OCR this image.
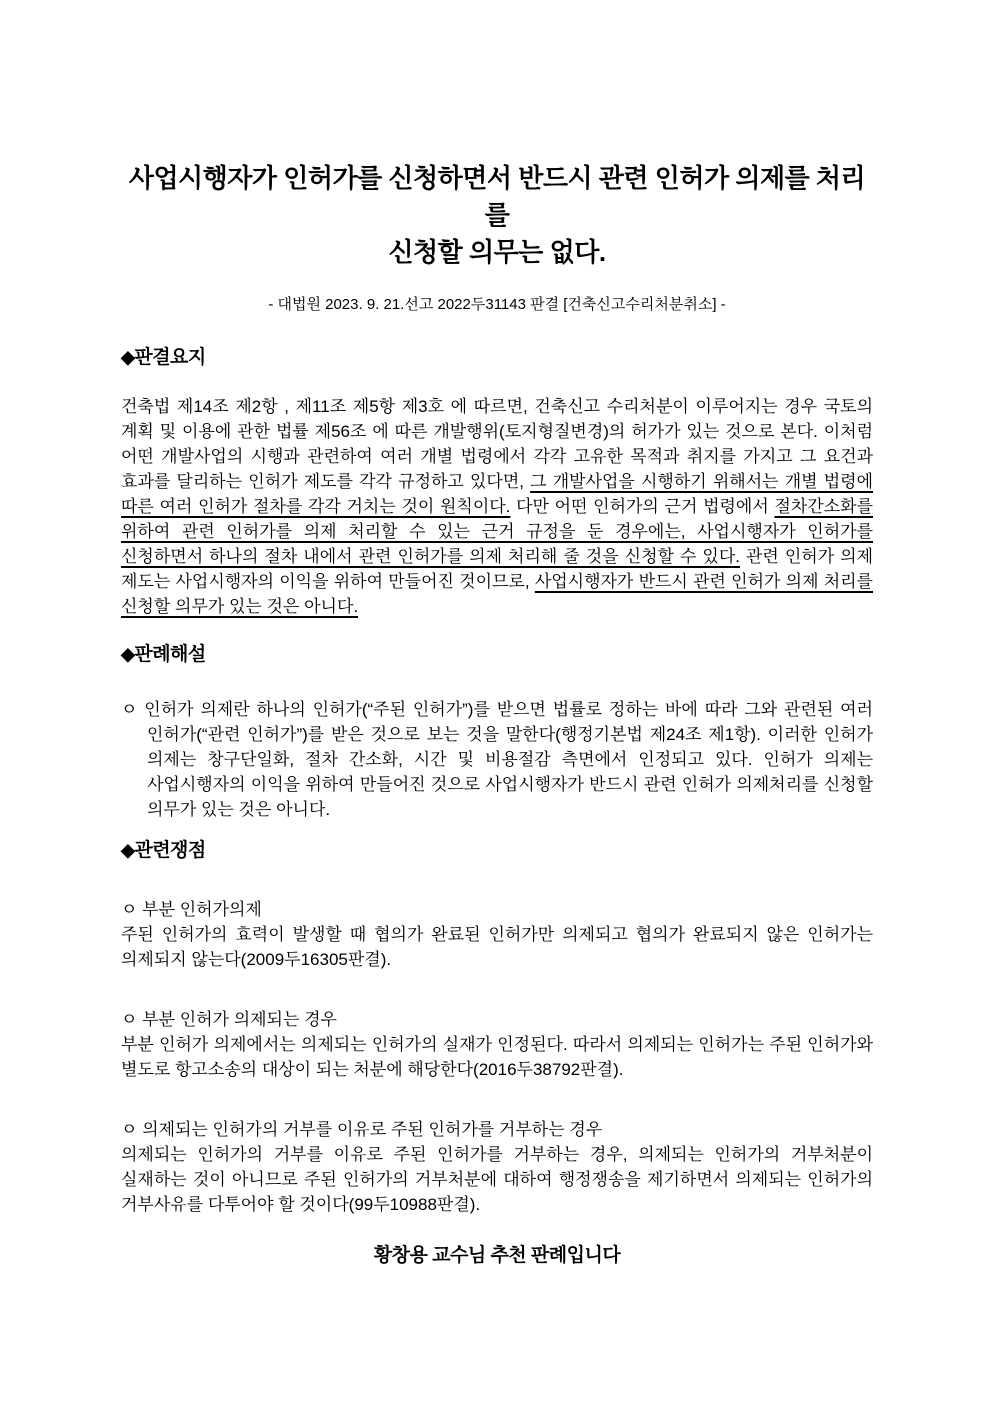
사업시행자가 인허가를 신청하면서 반드시 관련 인허가 의제를 처리를
신청할 의무는 없다.
- 대법원 2023. 9. 21.선고 2022두31143 판결 [건축신고수리처분취소] -
◆판결요지

건축법 제14조 제2항 , 제11조 제5항 제3호 에 따르면, 건축신고 수리처분이 이루어지는 경우 국토의 계획 및 이용에 관한 법률 제56조 에 따른 개발행위(토지형질변경)의 허가가 있는 것으로 본다. 이처럼 어떤 개발사업의 시행과 관련하여 여러 개별 법령에서 각각 고유한 목적과 취지를 가지고 그 요건과 효과를 달리하는 인허가 제도를 각각 규정하고 있다면, 그 개발사업을 시행하기 위해서는 개별 법령에 따른 여러 인허가 절차를 각각 거치는 것이 원칙이다. 다만 어떤 인허가의 근거 법령에서 절차간소화를 위하여 관련 인허가를 의제 처리할 수 있는 근거 규정을 둔 경우에는, 사업시행자가 인허가를 신청하면서 하나의 절차 내에서 관련 인허가를 의제 처리해 줄 것을 신청할 수 있다. 관련 인허가 의제 제도는 사업시행자의 이익을 위하여 만들어진 것이므로, 사업시행자가 반드시 관련 인허가 의제 처리를 신청할 의무가 있는 것은 아니다.

◆판례해설

ㅇ 인허가 의제란 하나의 인허가(“주된 인허가”)를 받으면 법률로 정하는 바에 따라 그와 관련된 여러 인허가(“관련 인허가”)를 받은 것으로 보는 것을 말한다(행정기본법 제24조 제1항). 이러한 인허가 의제는 창구단일화, 절차 간소화, 시간 및 비용절감 측면에서 인정되고 있다. 인허가 의제는 사업시행자의 이익을 위하여 만들어진 것으로 사업시행자가 반드시 관련 인허가 의제처리를 신청할 의무가 있는 것은 아니다.

◆관련쟁점

ㅇ 부분 인허가의제

주된 인허가의 효력이 발생할 때 협의가 완료된 인허가만 의제되고 협의가 완료되지 않은 인허가는 의제되지 않는다(2009두16305판결).

ㅇ 부분 인허가 의제되는 경우

부분 인허가 의제에서는 의제되는 인허가의 실재가 인정된다. 따라서 의제되는 인허가는 주된 인허가와 별도로 항고소송의 대상이 되는 처분에 해당한다(2016두38792판결).

ㅇ 의제되는 인허가의 거부를 이유로 주된 인허가를 거부하는 경우

의제되는 인허가의 거부를 이유로 주된 인허가를 거부하는 경우, 의제되는 인허가의 거부처분이 실재하는 것이 아니므로 주된 인허가의 거부처분에 대하여 행정쟁송을 제기하면서 의제되는 인허가의 거부사유를 다투어야 할 것이다(99두10988판결).

황창용 교수님 추천 판례입니다
